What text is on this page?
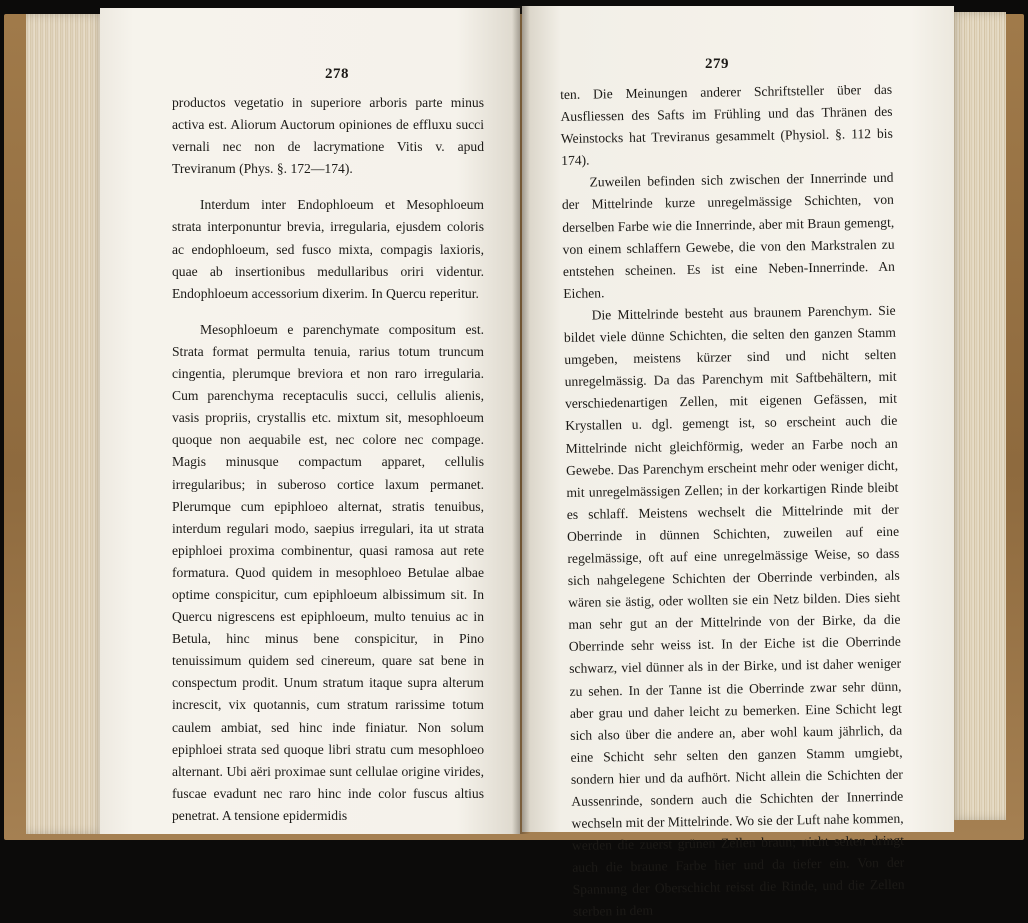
278

productos vegetatio in superiore arboris parte minus activa est. Aliorum Auctorum opiniones de effluxu succi vernali nec non de lacrymatione Vitis v. apud Treviranum (Phys. §. 172—174).

Interdum inter Endophloeum et Mesophloeum strata interponuntur brevia, irregularia, ejusdem coloris ac endophloeum, sed fusco mixta, compagis laxioris, quae ab insertionibus medullaribus oriri videntur. Endophloeum accessorium dixerim. In Quercu reperitur.

Mesophloeum e parenchymate compositum est. Strata format permulta tenuia, rarius totum truncum cingentia, plerumque breviora et non raro irregularia. Cum parenchyma receptaculis succi, cellulis alienis, vasis propriis, crystallis etc. mixtum sit, mesophloeum quoque non aequabile est, nec colore nec compage. Magis minusque compactum apparet, cellulis irregularibus; in suberoso cortice laxum permanet. Plerumque cum epiphloeo alternat, stratis tenuibus, interdum regulari modo, saepius irregulari, ita ut strata epiphloei proxima combinentur, quasi ramosa aut rete formatura. Quod quidem in mesophloeo Betulae albae optime conspicitur, cum epiphloeum albissimum sit. In Quercu nigrescens est epiphloeum, multo tenuius ac in Betula, hinc minus bene conspicitur, in Pino tenuissimum quidem sed cinereum, quare sat bene in conspectum prodit. Unum stratum itaque supra alterum increscit, vix quotannis, cum stratum rarissime totum caulem ambiat, sed hinc inde finiatur. Non solum epiphloei strata sed quoque libri stratu cum mesophloeo alternant. Ubi aëri proximae sunt cellulae origine virides, fuscae evadunt nec raro hinc inde color fuscus altius penetrat. A tensione epidermidis

279

ten. Die Meinungen anderer Schriftsteller über das Ausfliessen des Safts im Frühling und das Thränen des Weinstocks hat Treviranus gesammelt (Physiol. §. 112 bis 174).

Zuweilen befinden sich zwischen der Innerrinde und der Mittelrinde kurze unregelmässige Schichten, von derselben Farbe wie die Innerrinde, aber mit Braun gemengt, von einem schlaffern Gewebe, die von den Markstralen zu entstehen scheinen. Es ist eine Neben-Innerrinde. An Eichen.

Die Mittelrinde besteht aus braunem Parenchym. Sie bildet viele dünne Schichten, die selten den ganzen Stamm umgeben, meistens kürzer sind und nicht selten unregelmässig. Da das Parenchym mit Saftbehältern, mit verschiedenartigen Zellen, mit eigenen Gefässen, mit Krystallen u. dgl. gemengt ist, so erscheint auch die Mittelrinde nicht gleichförmig, weder an Farbe noch an Gewebe. Das Parenchym erscheint mehr oder weniger dicht, mit unregelmässigen Zellen; in der korkartigen Rinde bleibt es schlaff. Meistens wechselt die Mittelrinde mit der Oberrinde in dünnen Schichten, zuweilen auf eine regelmässige, oft auf eine unregelmässige Weise, so dass sich nahgelegene Schichten der Oberrinde verbinden, als wären sie ästig, oder wollten sie ein Netz bilden. Dies sieht man sehr gut an der Mittelrinde von der Birke, da die Oberrinde sehr weiss ist. In der Eiche ist die Oberrinde schwarz, viel dünner als in der Birke, und ist daher weniger zu sehen. In der Tanne ist die Oberrinde zwar sehr dünn, aber grau und daher leicht zu bemerken. Eine Schicht legt sich also über die andere an, aber wohl kaum jährlich, da eine Schicht sehr selten den ganzen Stamm umgiebt, sondern hier und da aufhört. Nicht allein die Schichten der Aussenrinde, sondern auch die Schichten der Innerrinde wechseln mit der Mittelrinde. Wo sie der Luft nahe kommen, werden die zuerst grünen Zellen braun; nicht selten dringt auch die braune Farbe hier und da tiefer ein. Von der Spannung der Oberschicht reisst die Rinde, und die Zellen sterben in dem
